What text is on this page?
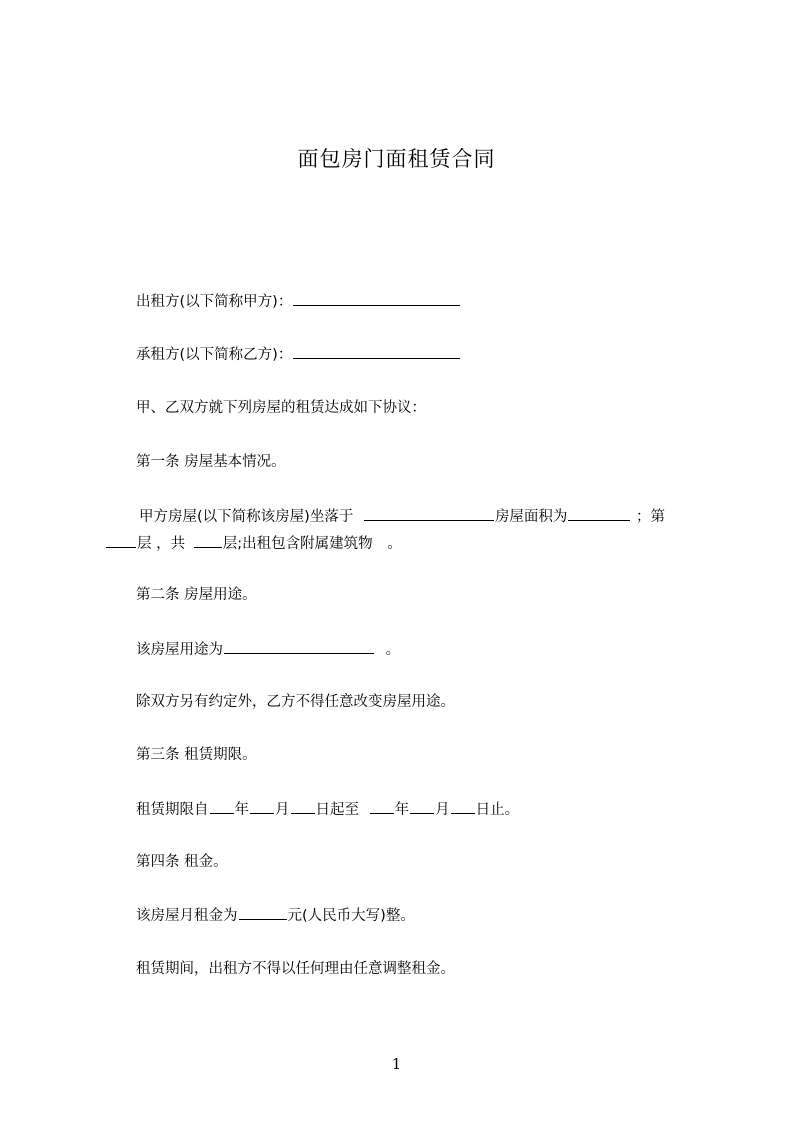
面包房门面租赁合同
出租方(以下简称甲方)：
承租方(以下简称乙方)：
甲、乙双方就下列房屋的租赁达成如下协议：
第一条 房屋基本情况。
甲方房屋(以下简称该房屋)坐落于	房屋面积为	；第
层 ，共	层;出租包含附属建筑物 。
第二条 房屋用途。
该房屋用途为	。
除双方另有约定外，乙方不得任意改变房屋用途。
第三条 租赁期限。
租赁期限自 年 月 日起至 年 月 日止。
第四条 租金。
该房屋月租金为	元(人民币大写)整。
租赁期间，出租方不得以任何理由任意调整租金。
1
